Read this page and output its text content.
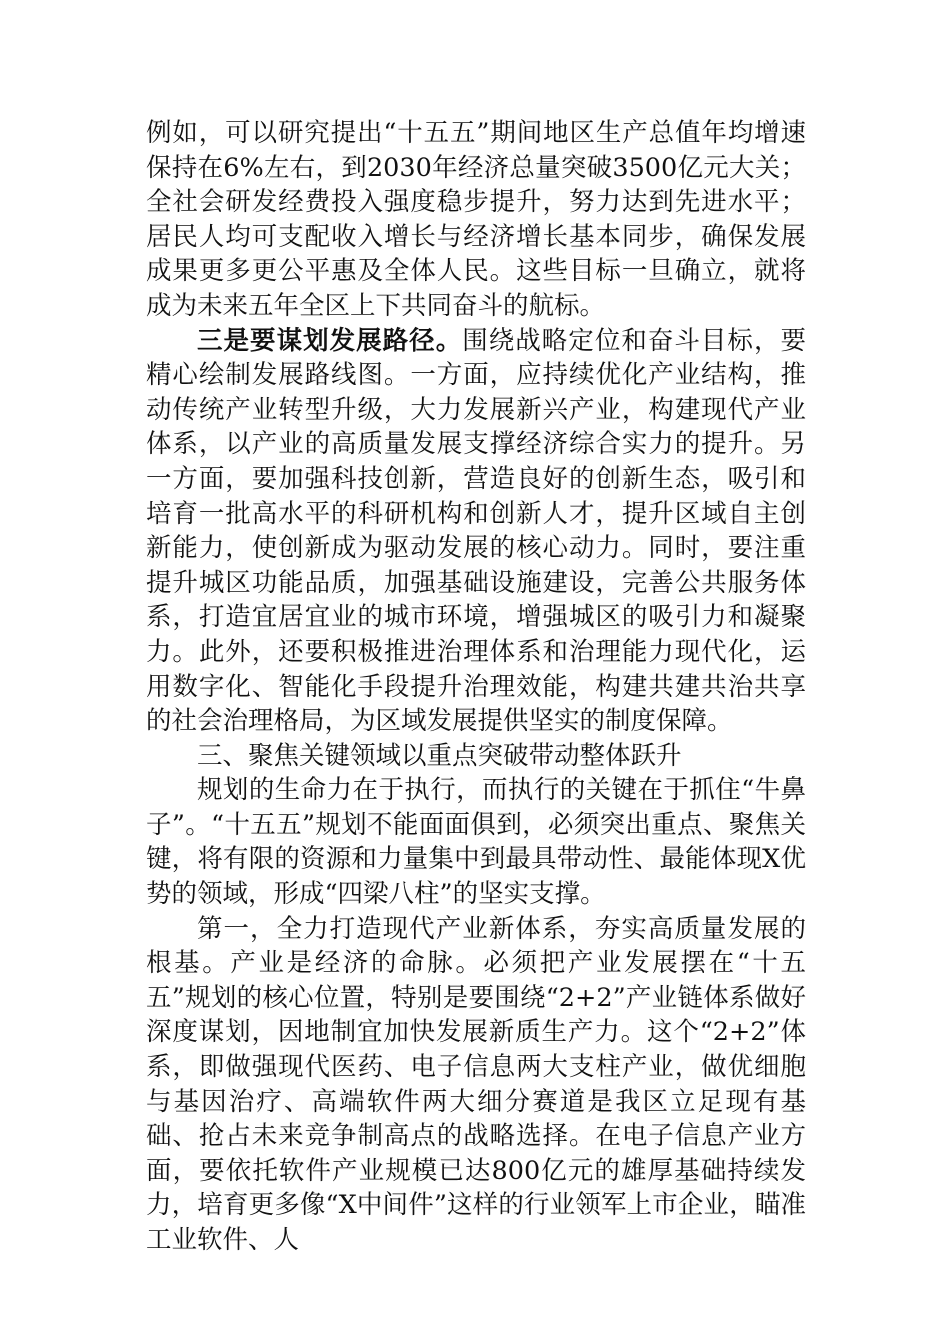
例如，可以研究提出“十五五”期间地区生产总值年均增速保持在6%左右，到2030年经济总量突破3500亿元大关；全社会研发经费投入强度稳步提升，努力达到先进水平；居民人均可支配收入增长与经济增长基本同步，确保发展成果更多更公平惠及全体人民。这些目标一旦确立，就将成为未来五年全区上下共同奋斗的航标。

三是要谋划发展路径。围绕战略定位和奋斗目标，要精心绘制发展路线图。一方面，应持续优化产业结构，推动传统产业转型升级，大力发展新兴产业，构建现代产业体系，以产业的高质量发展支撑经济综合实力的提升。另一方面，要加强科技创新，营造良好的创新生态，吸引和培育一批高水平的科研机构和创新人才，提升区域自主创新能力，使创新成为驱动发展的核心动力。同时，要注重提升城区功能品质，加强基础设施建设，完善公共服务体系，打造宜居宜业的城市环境，增强城区的吸引力和凝聚力。此外，还要积极推进治理体系和治理能力现代化，运用数字化、智能化手段提升治理效能，构建共建共治共享的社会治理格局，为区域发展提供坚实的制度保障。

三、聚焦关键领域以重点突破带动整体跃升

规划的生命力在于执行，而执行的关键在于抓住“牛鼻子”。“十五五”规划不能面面俱到，必须突出重点、聚焦关键，将有限的资源和力量集中到最具带动性、最能体现X优势的领域，形成“四梁八柱”的坚实支撑。

第一，全力打造现代产业新体系，夯实高质量发展的根基。产业是经济的命脉。必须把产业发展摆在“十五五”规划的核心位置，特别是要围绕“2+2”产业链体系做好深度谋划，因地制宜加快发展新质生产力。这个“2+2”体系，即做强现代医药、电子信息两大支柱产业，做优细胞与基因治疗、高端软件两大细分赛道是我区立足现有基础、抢占未来竞争制高点的战略选择。在电子信息产业方面，要依托软件产业规模已达800亿元的雄厚基础持续发力，培育更多像“X中间件”这样的行业领军上市企业，瞄准工业软件、人
